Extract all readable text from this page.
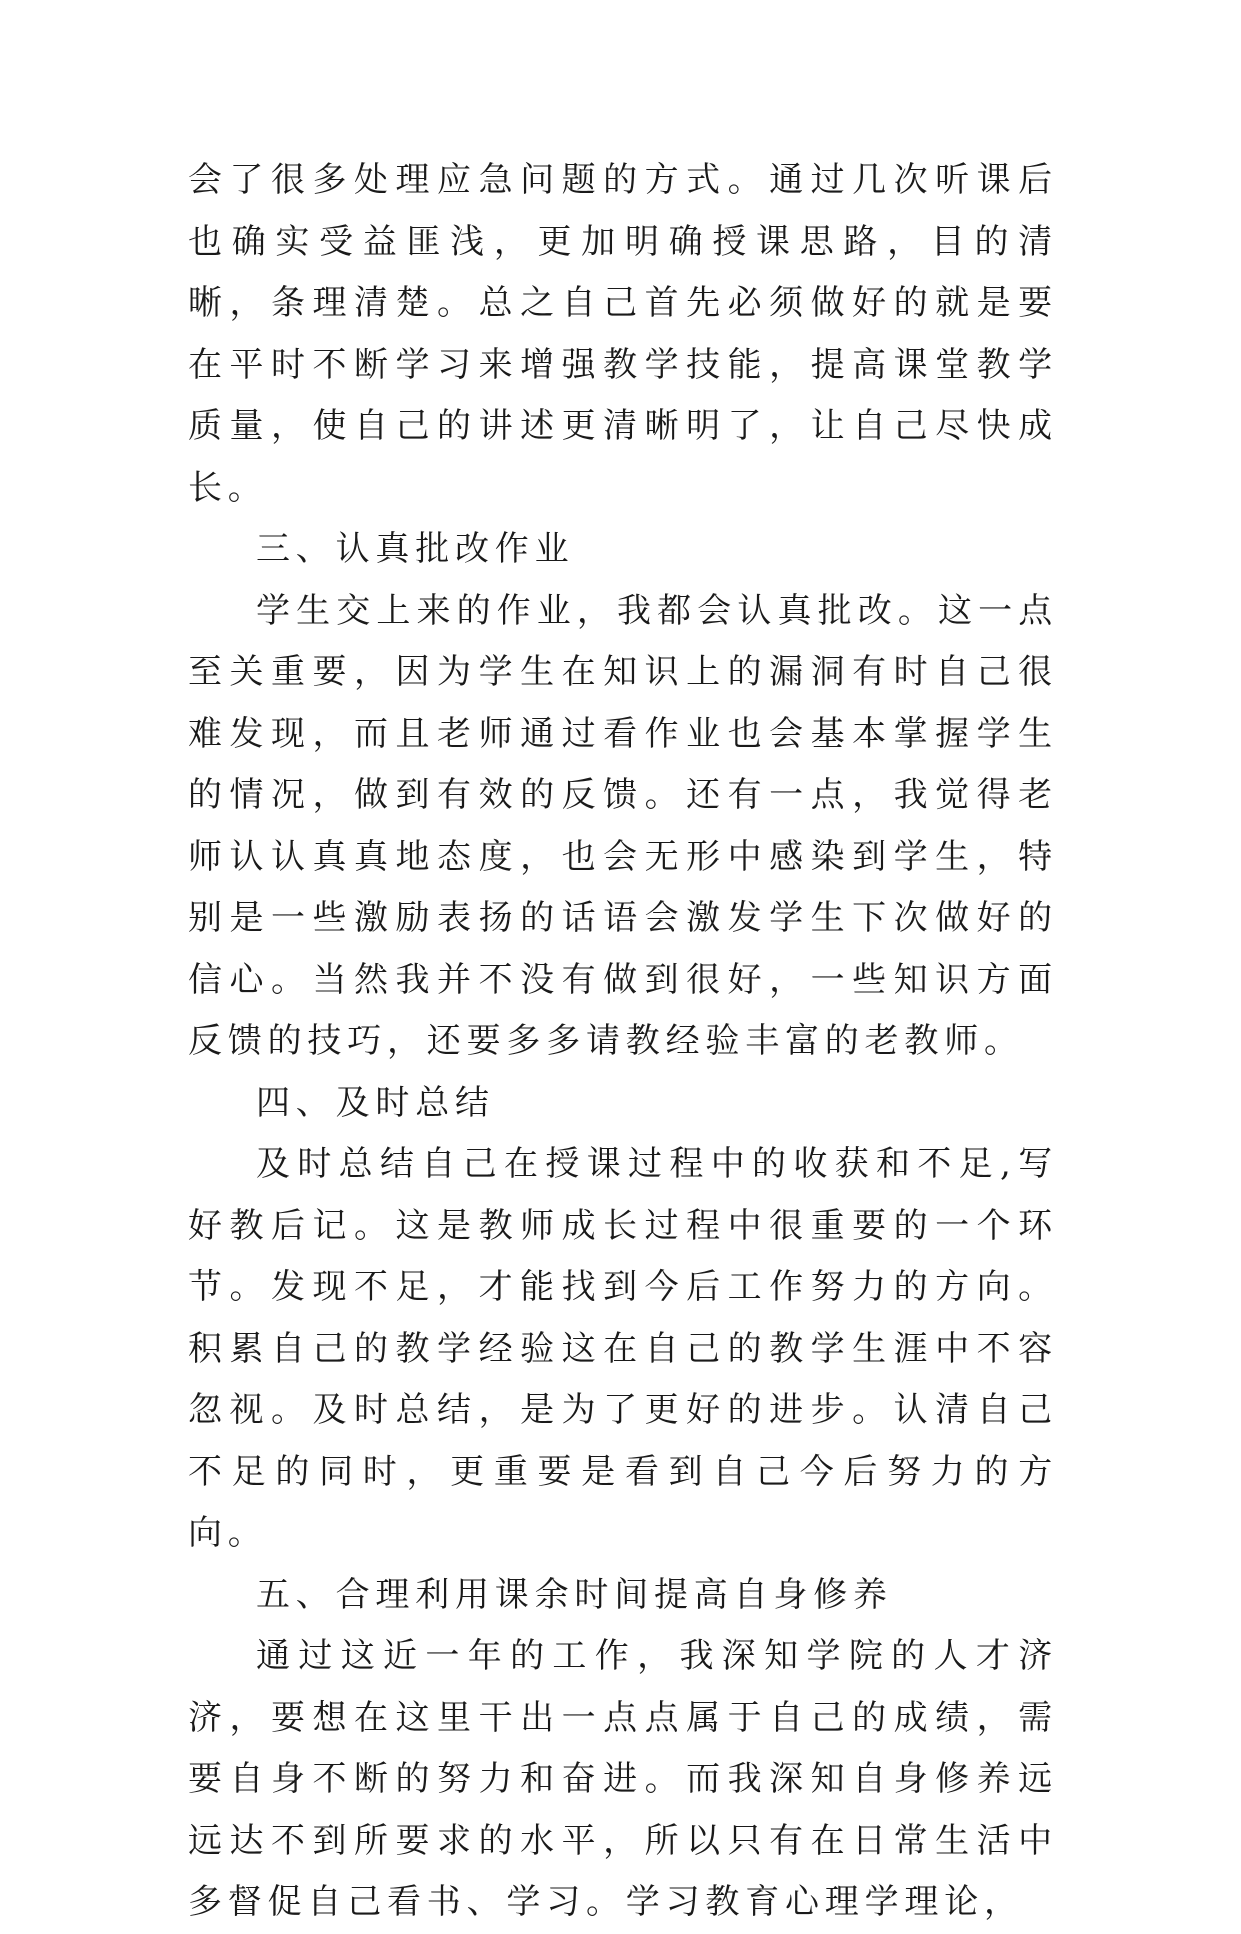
会了很多处理应急问题的方式。通过几次听课后也确实受益匪浅，更加明确授课思路，目的清晰，条理清楚。总之自己首先必须做好的就是要在平时不断学习来增强教学技能，提高课堂教学质量，使自己的讲述更清晰明了，让自己尽快成长。

三、认真批改作业

学生交上来的作业，我都会认真批改。这一点至关重要，因为学生在知识上的漏洞有时自己很难发现，而且老师通过看作业也会基本掌握学生的情况，做到有效的反馈。还有一点，我觉得老师认认真真地态度，也会无形中感染到学生，特别是一些激励表扬的话语会激发学生下次做好的信心。当然我并不没有做到很好，一些知识方面反馈的技巧，还要多多请教经验丰富的老教师。

四、及时总结

及时总结自己在授课过程中的收获和不足,写好教后记。这是教师成长过程中很重要的一个环节。发现不足，才能找到今后工作努力的方向。积累自己的教学经验这在自己的教学生涯中不容忽视。及时总结，是为了更好的进步。认清自己不足的同时，更重要是看到自己今后努力的方向。

五、合理利用课余时间提高自身修养

通过这近一年的工作，我深知学院的人才济济，要想在这里干出一点点属于自己的成绩，需要自身不断的努力和奋进。而我深知自身修养远远达不到所要求的水平，所以只有在日常生活中多督促自己看书、学习。学习教育心理学理论，
